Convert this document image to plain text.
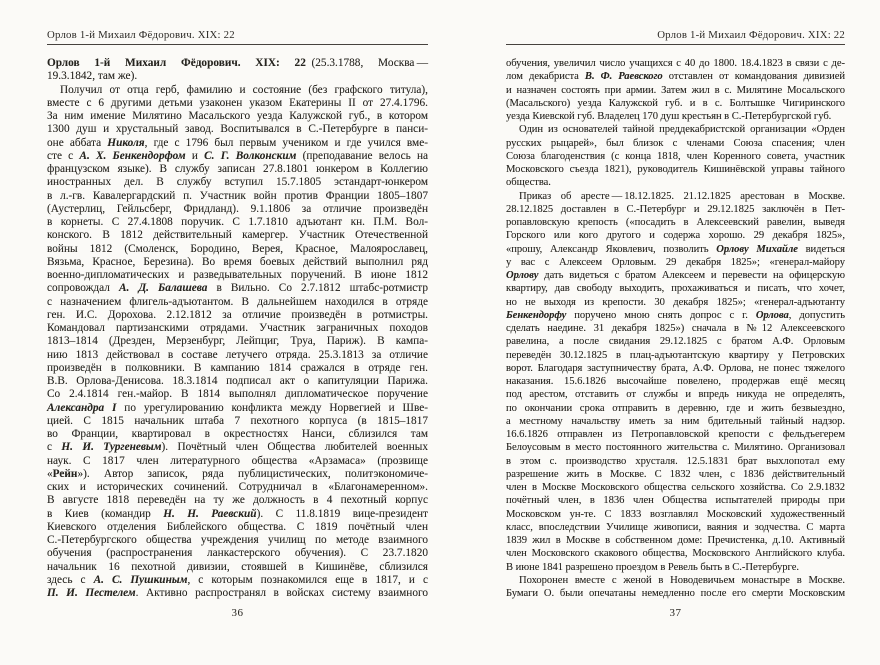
Орлов 1-й Михаил Фёдорович. XIX: 22
Орлов 1-й Михаил Фёдорович. XIX: 22 (25.3.1788, Москва —
19.3.1842, там же).
Получил от отца герб, фамилию и состояние (без графского титула),
вместе с 6 другими детьми узаконен указом Екатерины II от 27.4.1796.
За ним имение Милятино Масальского уезда Калужской губ., в котором
1300 душ и хрустальный завод. Воспитывался в С.-Петербурге в панси-
оне аббата Николя, где с 1796 был первым учеником и где учился вме-
сте с А. Х. Бенкендорфом и С. Г. Волконским (преподавание велось на
французском языке). В службу записан 27.8.1801 юнкером в Коллегию
иностранных дел. В службу вступил 15.7.1805 эстандарт-юнкером
в л.-гв. Кавалергардский п. Участник войн против Франции 1805–1807
(Аустерлиц, Гейльсберг, Фридланд). 9.1.1806 за отличие произведён
в корнеты. С 27.4.1808 поручик. С 1.7.1810 адъютант кн. П.М. Вол-
конского. В 1812 действительный камергер. Участник Отечественной
войны 1812 (Смоленск, Бородино, Верея, Красное, Малоярославец,
Вязьма, Красное, Березина). Во время боевых действий выполнил ряд
военно-дипломатических и разведывательных поручений. В июне 1812
сопровождал А. Д. Балашева в Вильно. Со 2.7.1812 штабс-ротмистр
с назначением флигель-адъютантом. В дальнейшем находился в отряде
ген. И.С. Дорохова. 2.12.1812 за отличие произведён в ротмистры.
Командовал партизанскими отрядами. Участник заграничных походов
1813–1814 (Дрезден, Мерзенбург, Лейпциг, Труа, Париж). В кампа-
нию 1813 действовал в составе летучего отряда. 25.3.1813 за отличие
произведён в полковники. В кампанию 1814 сражался в отряде ген.
В.В. Орлова-Денисова. 18.3.1814 подписал акт о капитуляции Парижа.
Со 2.4.1814 ген.-майор. В 1814 выполнял дипломатическое поручение
Александра I по урегулированию конфликта между Норвегией и Шве-
цией. С 1815 начальник штаба 7 пехотного корпуса (в 1815–1817
во Франции, квартировал в окрестностях Нанси, сблизился там
с Н. И. Тургеневым). Почётный член Общества любителей военных
наук. С 1817 член литературного общества «Арзамаса» (прозвище
«Рейн»). Автор записок, ряда публицистических, политэкономиче-
ских и исторических сочинений. Сотрудничал в «Благонамеренном».
В августе 1818 переведён на ту же должность в 4 пехотный корпус
в Киев (командир Н. Н. Раевский). С 11.8.1819 вице-президент
Киевского отделения Библейского общества. С 1819 почётный член
С.-Петербургского общества учреждения училищ по методе взаимного
обучения (распространения ланкастерского обучения). С 23.7.1820
начальник 16 пехотной дивизии, стоявшей в Кишинёве, сблизился
здесь с А. С. Пушкиным, с которым познакомился еще в 1817, и с
П. И. Пестелем. Активно распространял в войсках систему взаимного
36
Орлов 1-й Михаил Фёдорович. XIX: 22
обучения, увеличил число учащихся с 40 до 1800. 18.4.1823 в связи с де-
лом декабриста В. Ф. Раевского отставлен от командования дивизией
и назначен состоять при армии. Затем жил в с. Милятине Мосальского
(Масальского) уезда Калужской губ. и в с. Болтышке Чигиринского
уезда Киевской губ. Владелец 170 душ крестьян в С.-Петербургской губ.
Один из основателей тайной преддекабристской организации «Орден
русских рыцарей», был близок с членами Союза спасения; член
Союза благоденствия (с конца 1818, член Коренного совета, участник
Московского съезда 1821), руководитель Кишинёвской управы тайного
общества.
Приказ об аресте — 18.12.1825. 21.12.1825 арестован в Москве.
28.12.1825 доставлен в С.-Петербург и 29.12.1825 заключён в Пет-
ропавловскую крепость («посадить в Алексеевский равелин, выведя
Горского или кого другого и содержа хорошо. 29 декабря 1825»,
«прошу, Александр Яковлевич, позволить Орлову Михайле видеться
у вас с Алексеем Орловым. 29 декабря 1825»; «генерал-майору
Орлову дать видеться с братом Алексеем и перевести на офицерскую
квартиру, дав свободу выходить, прохаживаться и писать, что хочет,
но не выходя из крепости. 30 декабря 1825»; «генерал-адъютанту
Бенкендорфу поручено мною снять допрос с г. Орлова, допустить
сделать наедине. 31 декабря 1825») сначала в №12 Алексеевского
равелина, а после свидания 29.12.1825 с братом А.Ф. Орловым
переведён 30.12.1825 в плац-адъютантскую квартиру у Петровских
ворот. Благодаря заступничеству брата, А.Ф. Орлова, не понес тяжелого
наказания. 15.6.1826 высочайше повелено, продержав ещё месяц
под арестом, отставить от службы и впредь никуда не определять,
по окончании срока отправить в деревню, где и жить безвыездно,
а местному начальству иметь за ним бдительный тайный надзор.
16.6.1826 отправлен из Петропавловской крепости с фельдъегерем
Белоусовым в место постоянного жительства с. Милятино. Организовал
в этом с. производство хрусталя. 12.5.1831 брат выхлопотал ему
разрешение жить в Москве. С 1832 член, с 1836 действительный
член в Москве Московского общества сельского хозяйства. Со 2.9.1832
почётный член, в 1836 член Общества испытателей природы при
Московском ун-те. С 1833 возглавлял Московский художественный
класс, впоследствии Училище живописи, ваяния и зодчества. С марта
1839 жил в Москве в собственном доме: Пречистенка, д.10. Активный
член Московского скакового общества, Московского Английского клуба.
В июне 1841 разрешено проездом в Ревель быть в С.-Петербурге.
Похоронен вместе с женой в Новодевичьем монастыре в Москве.
Бумаги О. были опечатаны немедленно после его смерти Московским
37
